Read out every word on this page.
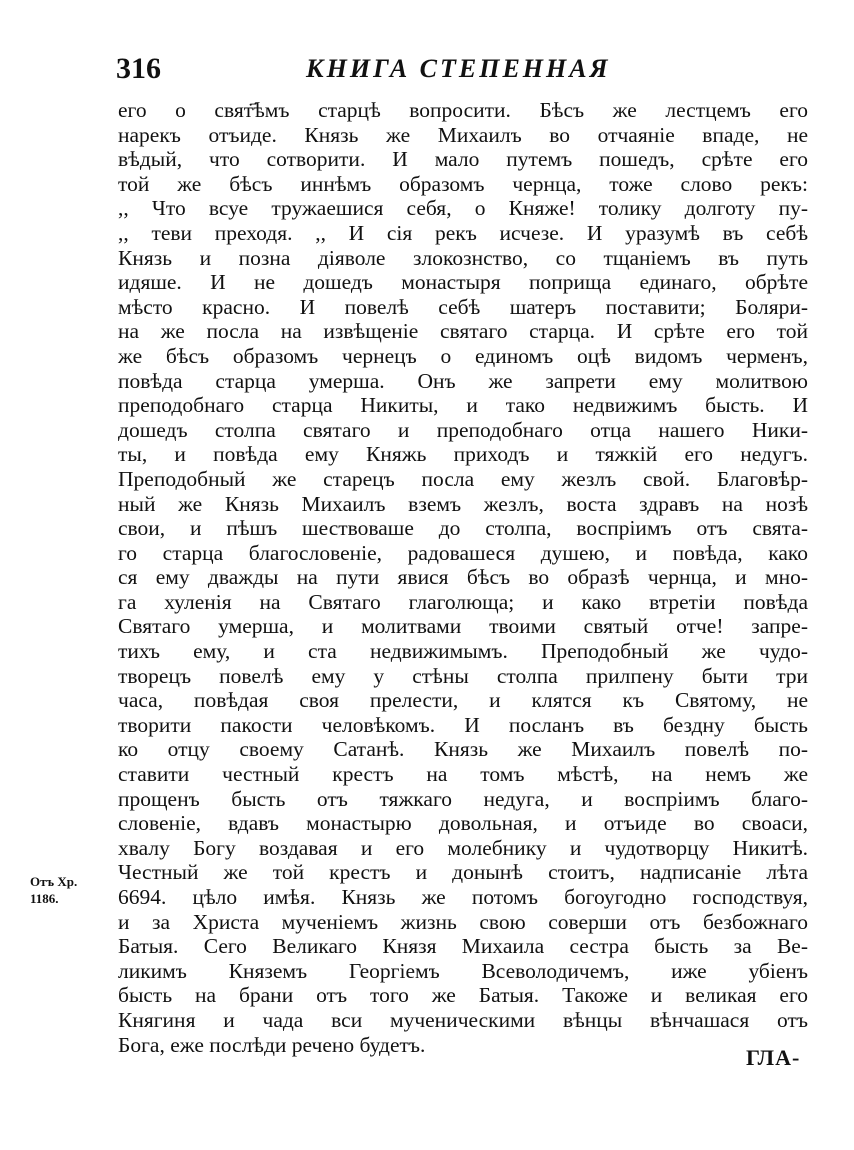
316	КНИГА СТЕПЕННАЯ
его о свят҃ѣмъ старцѣ вопросити. Бѣсъ же лестцемъ его
нарекъ отъиде. Князь же Михаилъ во отчаяніе впаде, не
вѣдый, что сотворити. И мало путемъ пошедъ, срѣте его
той же бѣсъ иннѣмъ образомъ чернца, тоже слово рекъ:
,, Что всуе тружаешися себя, о Княже! толику долготу пу-
,, теви преходя. ,, И сія рекъ исчезе. И уразумѣ въ себѣ
Князь и позна діяволе злокознство, со тщаніемъ въ путь
идяше. И не дошедъ монастыря поприща единаго, обрѣте
мѣсто красно. И повелѣ себѣ шатеръ поставити; Боляри-
на же посла на извѣщеніе святаго старца. И срѣте его той
же бѣсъ образомъ чернецъ о единомъ оцѣ видомъ черменъ,
повѣда старца умерша. Онъ же запрети ему молитвою
преподобнаго старца Никиты, и тако недвижимъ бысть. И
дошедъ столпа святаго и преподобнаго отца нашего Ники-
ты, и повѣда ему Княжь приходъ и тяжкій его недугъ.
Преподобный же старецъ посла ему жезлъ свой. Благовѣр-
ный же Князь Михаилъ вземъ жезлъ, воста здравъ на нозѣ
свои, и пѣшъ шествоваше до столпа, воспріимъ отъ свята-
го старца благословеніе, радовашеся душею, и повѣда, како
ся ему дважды на пути явися бѣсъ во образѣ чернца, и мно-
га хуленія на Святаго глаголюща; и како втретіи повѣда
Святаго умерша, и молитвами твоими святый отче! запре-
тихъ ему, и ста недвижимымъ. Преподобный же чудо-
творецъ повелѣ ему у стѣны столпа прилпену быти три
часа, повѣдая своя прелести, и клятся къ Святому, не
творити пакости человѣкомъ. И посланъ въ бездну бысть
ко отцу своему Сатанѣ. Князь же Михаилъ повелѣ по-
ставити честный крестъ на томъ мѣстѣ, на немъ же
прощенъ бысть отъ тяжкаго недуга, и воспріимъ благо-
словеніе, вдавъ монастырю довольная, и отъиде во своаси,
хвалу Богу воздавая и его молебнику и чудотворцу Никитѣ.
Честный же той крестъ и донынѣ стоитъ, надписаніе лѣта
6694. цѣло имѣя. Князь же потомъ богоугодно господствуя,
и за Христа мученіемъ жизнь свою соверши отъ безбожнаго
Батыя. Сего Великаго Князя Михаила сестра бысть за Ве-
ликимъ Княземъ Георгіемъ Всеволодичемъ, иже убіенъ
бысть на брани отъ того же Батыя. Такоже и великая его
Княгиня и чада вси мученическими вѣнцы вѣнчашася отъ
Бога, еже послѣди речено будетъ.
Отъ Хр.
1186.
ГЛА-
